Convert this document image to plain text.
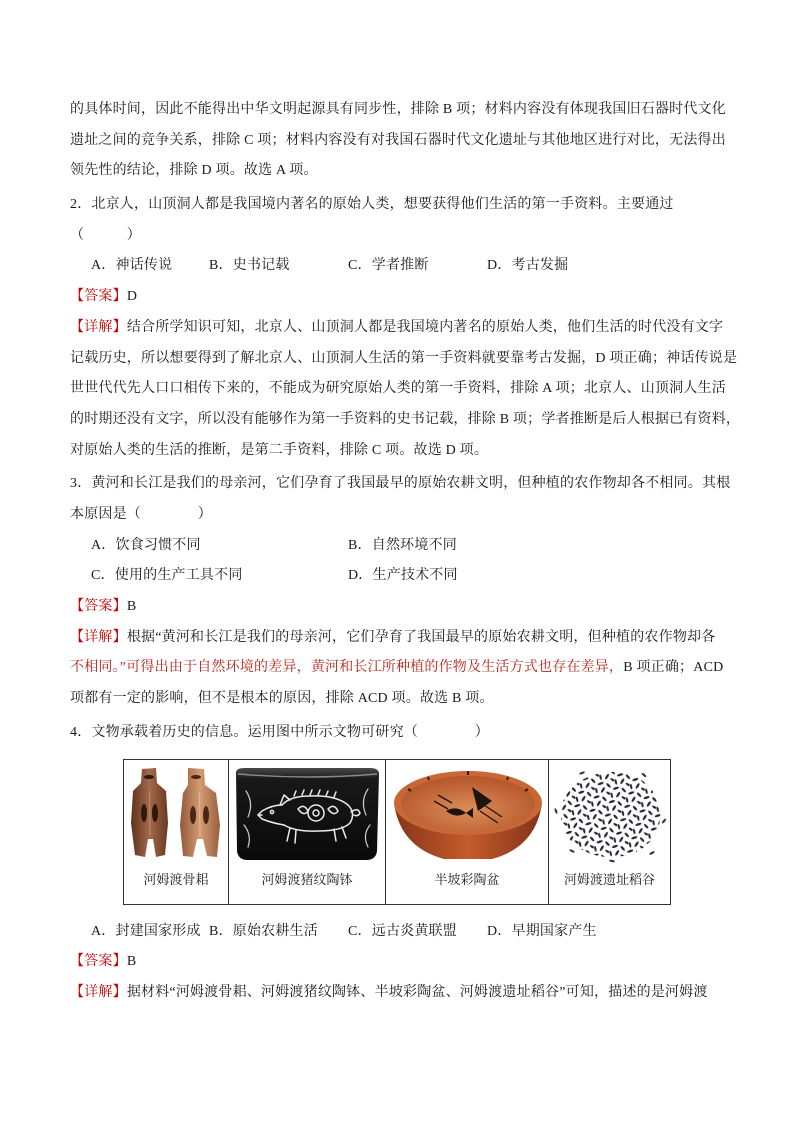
的具体时间，因此不能得出中华文明起源具有同步性，排除 B 项；材料内容没有体现我国旧石器时代文化
遗址之间的竞争关系，排除 C 项；材料内容没有对我国石器时代文化遗址与其他地区进行对比，无法得出
领先性的结论，排除 D 项。故选 A 项。
2．北京人，山顶洞人都是我国境内著名的原始人类，想要获得他们生活的第一手资料。主要通过
（　　　）
A．神话传说	B．史书记载	C．学者推断	D．考古发掘
【答案】D
【详解】结合所学知识可知，北京人、山顶洞人都是我国境内著名的原始人类，他们生活的时代没有文字
记载历史，所以想要得到了解北京人、山顶洞人生活的第一手资料就要靠考古发掘，D 项正确；神话传说是
世世代代先人口口相传下来的，不能成为研究原始人类的第一手资料，排除 A 项；北京人、山顶洞人生活
的时期还没有文字，所以没有能够作为第一手资料的史书记载，排除 B 项；学者推断是后人根据已有资料，
对原始人类的生活的推断，是第二手资料，排除 C 项。故选 D 项。
3．黄河和长江是我们的母亲河，它们孕育了我国最早的原始农耕文明，但种植的农作物却各不相同。其根
本原因是（　　　　）
A．饮食习惯不同	B．自然环境不同
C．使用的生产工具不同	D．生产技术不同
【答案】B
【详解】根据“黄河和长江是我们的母亲河，它们孕育了我国最早的原始农耕文明，但种植的农作物却各
不相同。”可得出由于自然环境的差异，黄河和长江所种植的作物及生活方式也存在差异，B 项正确；ACD
项都有一定的影响，但不是根本的原因，排除 ACD 项。故选 B 项。
4．文物承载着历史的信息。运用图中所示文物可研究（　　　　）
河姆渡骨耜	河姆渡猪纹陶钵	半坡彩陶盆	河姆渡遗址稻谷
A．封建国家形成 B．原始农耕生活 C．远古炎黄联盟 D．早期国家产生
【答案】B
【详解】据材料“河姆渡骨耜、河姆渡猪纹陶钵、半坡彩陶盆、河姆渡遗址稻谷”可知，描述的是河姆渡
